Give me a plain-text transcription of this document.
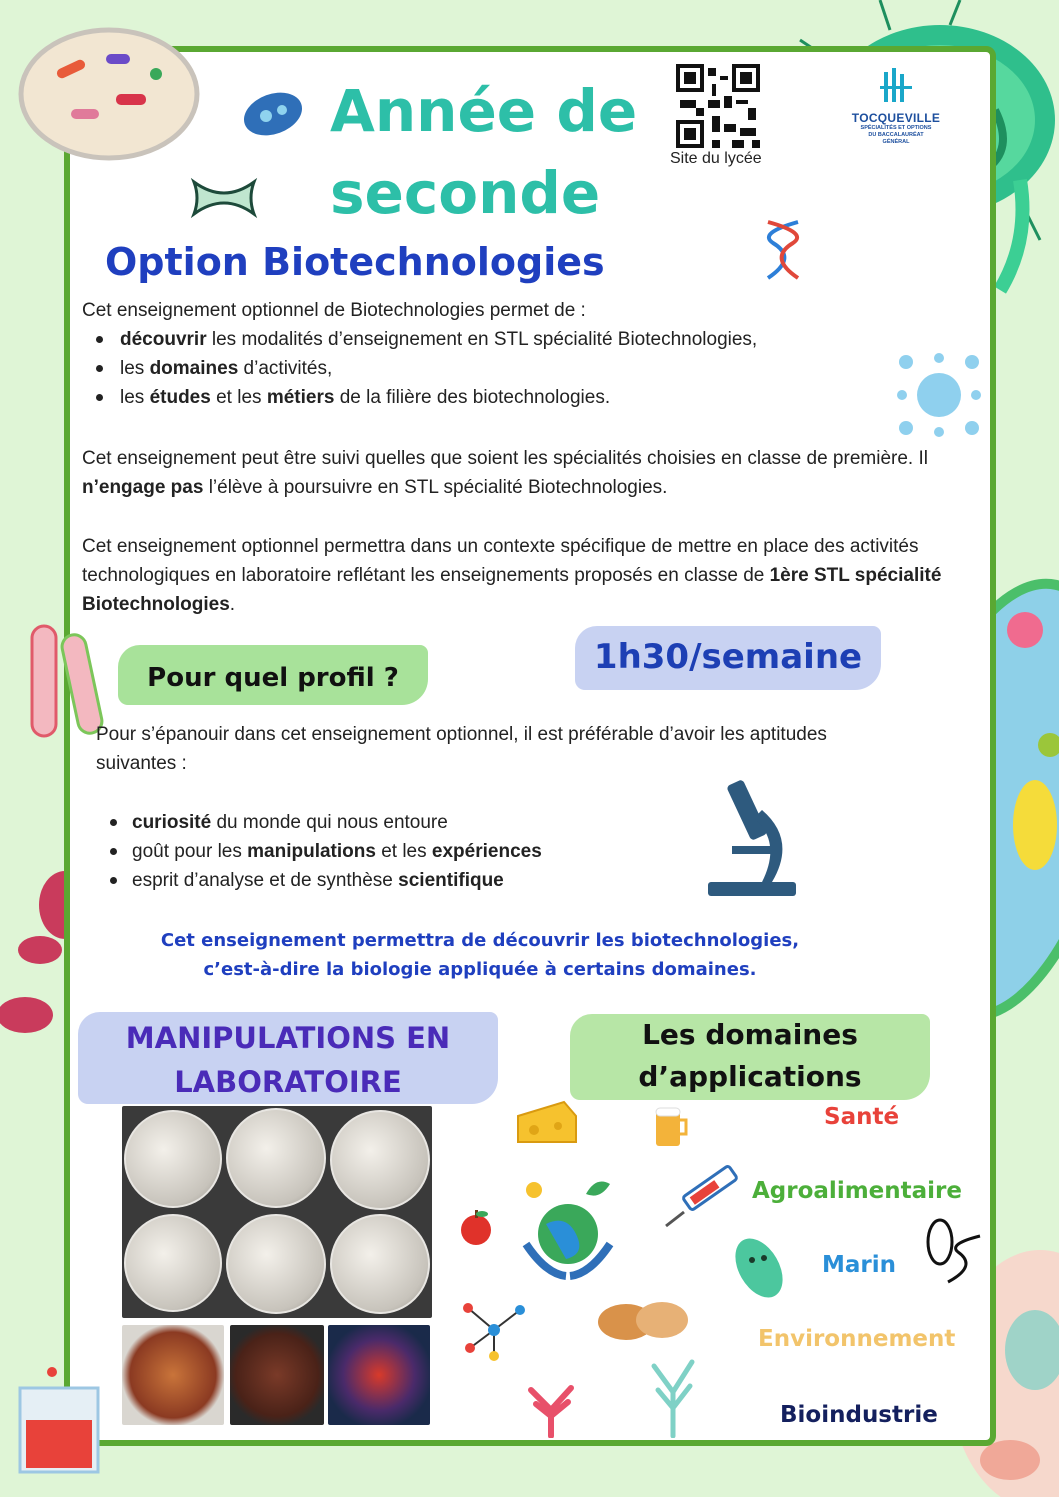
Année de
seconde
Site du lycée
TOCQUEVILLE
SPÉCIALITÉS ET OPTIONS
DU BACCALAURÉAT
GÉNÉRAL
Option Biotechnologies
Cet enseignement optionnel de Biotechnologies permet de :
découvrir les modalités d’enseignement en STL spécialité Biotechnologies,
les domaines d’activités,
les études et les métiers de la filière des biotechnologies.
Cet enseignement peut être suivi quelles que soient les spécialités choisies en classe de première. Il n’engage pas l’élève à poursuivre en STL spécialité Biotechnologies.
Cet enseignement optionnel permettra dans un contexte spécifique de mettre en place des activités technologiques en laboratoire reflétant les enseignements proposés en classe de 1ère STL spécialité Biotechnologies.
Pour quel profil ?
1h30/semaine
Pour s’épanouir dans cet enseignement optionnel, il est préférable d’avoir les aptitudes suivantes :
curiosité du monde qui nous entoure
goût pour les manipulations et les expériences
esprit d’analyse et de synthèse scientifique
Cet enseignement permettra de découvrir les biotechnologies,
c’est-à-dire la biologie appliquée à certains domaines.
MANIPULATIONS EN
LABORATOIRE
Les domaines
d’applications
Santé
Agroalimentaire
Marin
Environnement
Bioindustrie
